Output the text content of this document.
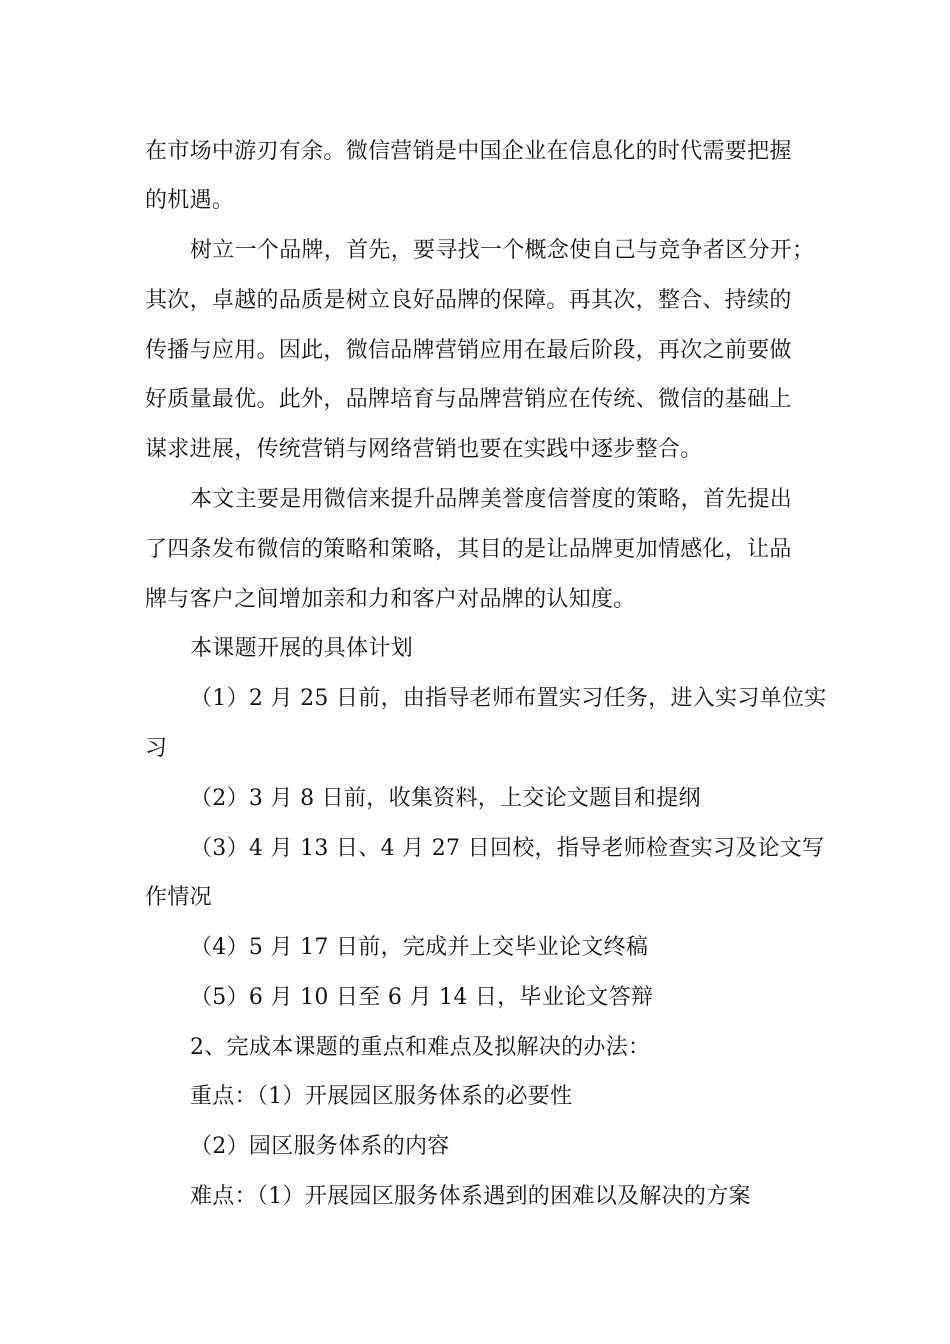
在市场中游刃有余。微信营销是中国企业在信息化的时代需要把握
的机遇。
树立一个品牌，首先，要寻找一个概念使自己与竞争者区分开；
其次，卓越的品质是树立良好品牌的保障。再其次，整合、持续的
传播与应用。因此，微信品牌营销应用在最后阶段，再次之前要做
好质量最优。此外，品牌培育与品牌营销应在传统、微信的基础上
谋求进展，传统营销与网络营销也要在实践中逐步整合。
本文主要是用微信来提升品牌美誉度信誉度的策略，首先提出
了四条发布微信的策略和策略，其目的是让品牌更加情感化，让品
牌与客户之间增加亲和力和客户对品牌的认知度。
本课题开展的具体计划
（1）2 月 25 日前，由指导老师布置实习任务，进入实习单位实
习
（2）3 月 8 日前，收集资料，上交论文题目和提纲
（3）4 月 13 日、4 月 27 日回校，指导老师检查实习及论文写
作情况
（4）5 月 17 日前，完成并上交毕业论文终稿
（5）6 月 10 日至 6 月 14 日，毕业论文答辩
2、完成本课题的重点和难点及拟解决的办法：
重点：（1）开展园区服务体系的必要性
（2）园区服务体系的内容
难点：（1）开展园区服务体系遇到的困难以及解决的方案
